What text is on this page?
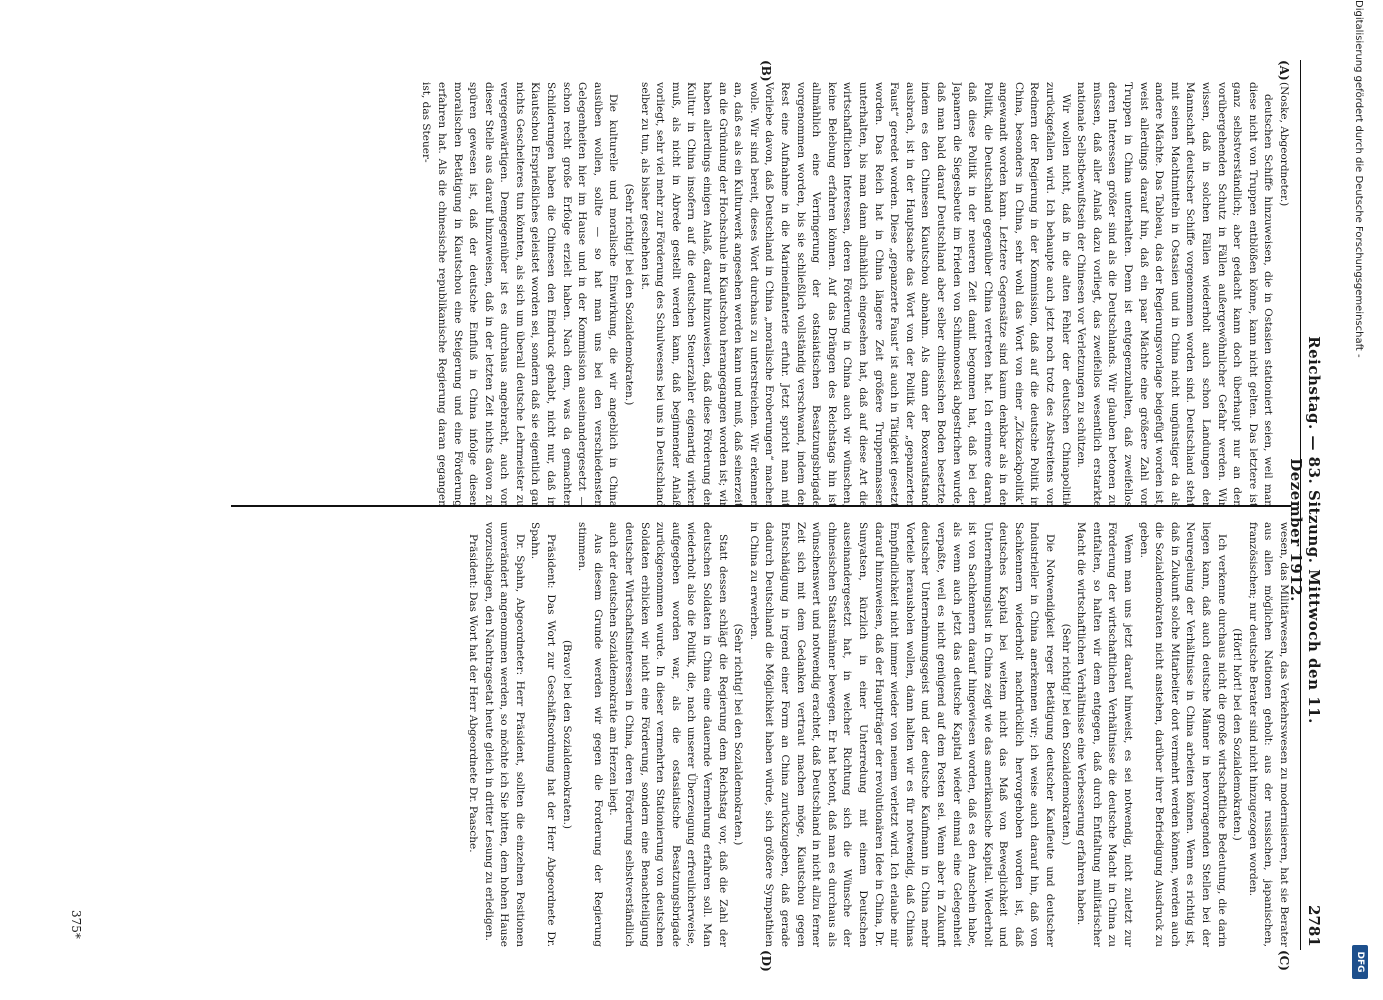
Reichstag. — 83. Sitzung. Mittwoch den 11. Dezember 1912.
2781
(A)
(B)
(C)
(D)

(Noske, Abgeordneter.)

deutschen Schiffe hinzuweisen, die in Ostasien stationiert seien, weil man diese nicht von Truppen entblößen könne, kann nicht gelten. Das letztere ist ganz selbstverständlich; aber gedacht kann doch überhaupt nur an den vorübergehenden Schutz in Fällen außergewöhnlicher Gefahr werden. Wir wissen, daß in solchen Fällen wiederholt auch schon Landungen der Mannschaft deutscher Schiffe vorgenommen worden sind. Deutschland steht mit seinen Machtmitteln in Ostasien und in China nicht ungünstiger da als andere Mächte. Das Tableau, das der Regierungsvorlage beigefügt worden ist, weist allerdings darauf hin, daß ein paar Mächte eine größere Zahl von Truppen in China unterhalten. Denn ist entgegenzuhalten, daß zweifellos deren Interessen größer sind als die Deutschlands. Wir glauben betonen zu müssen, daß aller Anlaß dazu vorliegt, das zweifellos wesentlich erstarkte nationale Selbstbewußtsein der Chinesen vor Verletzungen zu schützen.

Wir wollen nicht, daß in die alten Fehler der deutschen Chinapolitik zurückgefallen wird. Ich behaupte auch jetzt noch trotz des Abstreitens von Rednern der Regierung in der Kommission, daß auf die deutsche Politik in China, besonders in China, sehr wohl das Wort von einer „Zickzackpolitik“ angewandt worden kann. Letztere Gegensätze sind kaum denkbar als in der Politik, die Deutschland gegenüber China vertreten hat. Ich erinnere daran, daß diese Politik in der neueren Zeit damit begonnen hat, daß bei den Japanern die Siegesbeute im Frieden von Schimonoseki abgestrichen wurde, daß man bald darauf Deutschland aber selber chinesischen Boden besetzte, indem es den Chinesen Kiautschou abnahm. Als dann der Boxeraufstand ausbrach, ist in der Hauptsache das Wort von der Politik der „gepanzerten Faust“ geredet worden. Diese „gepanzerte Faust“ ist auch in Tätigkeit gesetzt worden. Das Reich hat in China längere Zeit größere Truppenmassen unterhalten, bis man dann allmählich eingesehen hat, daß auf diese Art die wirtschaftlichen Interessen, deren Förderung in China auch wir wünschen, keine Belebung erfahren können. Auf das Drängen des Reichstags hin ist allmählich eine Verringerung der ostasiatischen Besatzungsbrigade vorgenommen worden, bis sie schließlich vollständig verschwand, indem der Rest eine Aufnahme in die Marineinfanterie erfuhr. Jetzt spricht man mit Vorliebe davon, daß Deutschland in China „moralische Eroberungen“ machen wolle. Wir sind bereit, dieses Wort durchaus zu unterstreichen. Wir erkennen an, daß es als ein Kulturwerk angesehen werden kann und muß, daß seinerzeit an die Gründung der Hochschule in Kiautschou herangegangen worden ist; wir haben allerdings einigen Anlaß, darauf hinzuweisen, daß diese Förderung der Kultur in China insofern auf die deutschen Steuerzahler eigenartig wirken muß, als nicht in Abrede gestellt werden kann, daß beginnender Anlaß vorliegt, sehr viel mehr zur Förderung des Schulwesens bei uns in Deutschland selber zu tun, als bisher geschehen ist.

(Sehr richtig! bei den Sozialdemokraten.)

Die kulturelle und moralische Einwirkung, die wir angeblich in China ausüben wollen, sollte — so hat man uns bei den verschiedensten Gelegenheiten hier im Hause und in der Kommission auseinandergesetzt — schon recht große Erfolge erzielt haben. Nach dem, was da gemachten Schilderungen haben die Chinesen den Eindruck gehabt, nicht nur, daß in Kiautschou Ersprießliches geleistet worden sei, sondern daß sie eigentlich gar nichts Gescheiteres tun könnten, als sich um überall deutsche Lehrmeister zu vergegenwärtigen. Demgegenüber ist es durchaus angebracht, auch von dieser Stelle aus darauf hinzuweisen, daß in der letzten Zeit nichts davon zu spüren gewesen ist, daß der deutsche Einfluß in China infolge dieser moralischen Betätigung in Kiautschou eine Steigerung und eine Förderung erfahren hat. Als die chinesische republikanische Regierung daran gegangen ist, das Steuer-

wesen, das Militärwesen, das Verkehrswesen zu modernisieren, hat sie Berater aus allen möglichen Nationen geholt: aus der russischen, japanischen, französischen; nur deutsche Berater sind nicht hinzugezogen worden.

(Hört! hört! bei den Sozialdemokraten.)

Ich verkenne durchaus nicht die große wirtschaftliche Bedeutung, die darin liegen kann, daß auch deutsche Männer in hervorragenden Stellen bei der Neuregelung der Verhältnisse in China arbeiten können. Wenn es richtig ist, daß in Zukunft solche Mitarbeiter dort vermehrt werden können, werden auch die Sozialdemokraten nicht anstehen, darüber ihrer Befriedigung Ausdruck zu geben.

Wenn man uns jetzt darauf hinweist, es sei notwendig, nicht zuletzt zur Förderung der wirtschaftlichen Verhältnisse die deutsche Macht in China zu entfalten, so halten wir dem entgegen, daß durch Entfaltung militärischer Macht die wirtschaftlichen Verhältnisse eine Verbesserung erfahren haben.

(Sehr richtig! bei den Sozialdemokraten.)

Die Notwendigkeit reger Betätigung deutscher Kaufleute und deutscher Industrieller in China anerkennen wir; ich weise auch darauf hin, daß von Sachkennern wiederholt nachdrücklich hervorgehoben worden ist, daß deutsches Kapital bei weitem nicht das Maß von Beweglichkeit und Unternehmungslust in China zeigt wie das amerikanische Kapital. Wiederholt ist von Sachkennern darauf hingewiesen worden, daß es den Anschein habe, als wenn auch jetzt das deutsche Kapital wieder einmal eine Gelegenheit verpaßte, weil es nicht genügend auf dem Posten sei. Wenn aber in Zukunft deutscher Unternehmungsgeist und der deutsche Kaufmann in China mehr Vorteile herausholen wollen, dann halten wir es für notwendig, daß Chinas Empfindlichkeit nicht immer wieder von neuem verletzt wird. Ich erlaube mir darauf hinzuweisen, daß der Hauptträger der revolutionären Idee in China, Dr. Sunyatsen, kürzlich in einer Unterredung mit einem Deutschen auseinandergesetzt hat, in welcher Richtung sich die Wünsche der chinesischen Staatsmänner bewegen. Er hat betont, daß man es durchaus als wünschenswert und notwendig erachtet, daß Deutschland in nicht allzu ferner Zeit sich mit dem Gedanken vertraut machen möge, Kiautschou gegen Entschädigung in irgend einer Form an China zurückzugeben, daß gerade dadurch Deutschland die Möglichkeit haben würde, sich größere Sympathien in China zu erwerben.

(Sehr richtig! bei den Sozialdemokraten.)

Statt dessen schlägt die Regierung dem Reichstag vor, daß die Zahl der deutschen Soldaten in China eine dauernde Vermehrung erfahren soll. Man wiederholt also die Politik, die, nach unserer Überzeugung erfreulicherweise, aufgegeben worden war, als die ostasiatische Besatzungsbrigade zurückgenommen wurde. In dieser vermehrten Stationierung von deutschen Soldaten erblicken wir nicht eine Förderung, sondern eine Benachteiligung deutscher Wirtschaftsinteressen in China, deren Förderung selbstverständlich auch der deutschen Sozialdemokratie am Herzen liegt.

Aus diesem Grunde werden wir gegen die Forderung der Regierung stimmen.

(Bravo! bei den Sozialdemokraten.)

Präsident: Das Wort zur Geschäftsordnung hat der Herr Abgeordnete Dr. Spahn.

Dr. Spahn, Abgeordneter: Herr Präsident, sollten die einzelnen Positionen unverändert angenommen werden, so möchte ich Sie bitten, dem hohen Hause vorzuschlagen, den Nachtragsetat heute gleich in dritter Lesung zu erledigen.

Präsident: Das Wort hat der Herr Abgeordnete Dr. Paasche.

375*
Digitalisierung gefördert durch die Deutsche Forschungsgemeinschaft -
DFG
